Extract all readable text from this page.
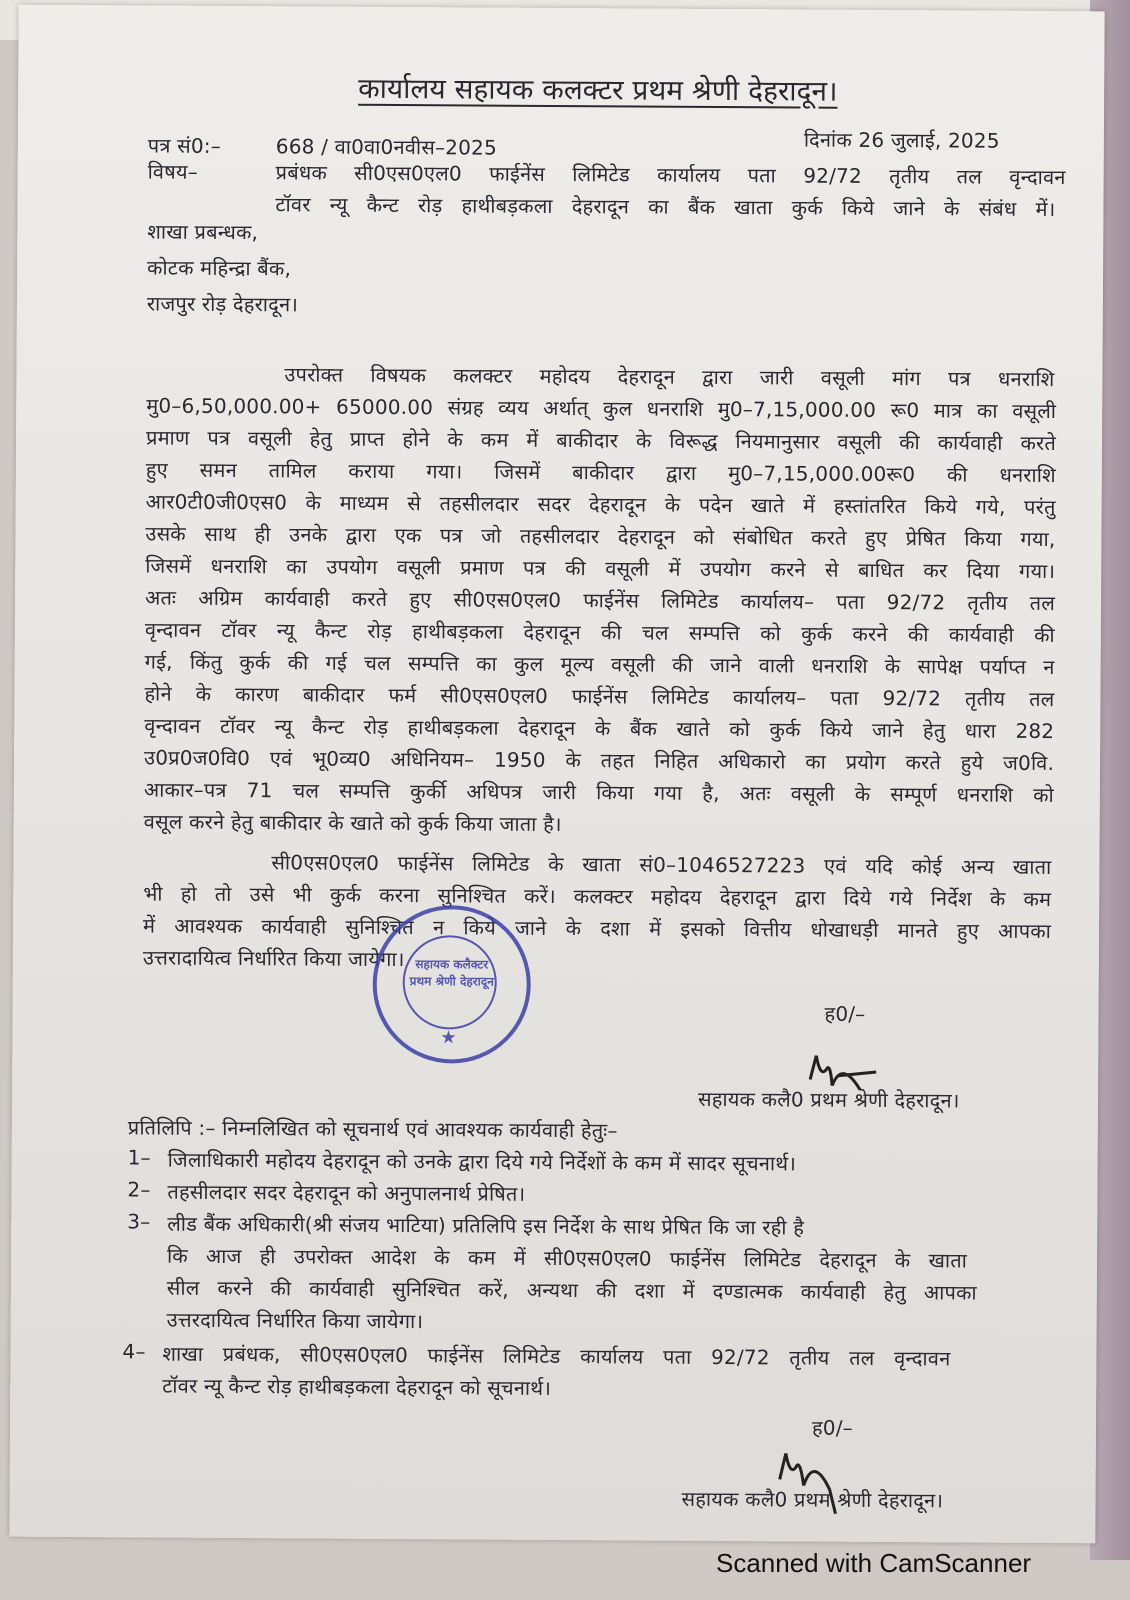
कार्यालय सहायक कलक्टर प्रथम श्रेणी देहरादून।
पत्र सं0:–	668 / वा0वा0नवीस–2025	दिनांक 26 जुलाई, 2025
विषय–	प्रबंधक सी0एस0एल0 फाईनेंस लिमिटेड कार्यालय पता 92/72 तृतीय तल वृन्दावन
टॉवर न्यू कैन्ट रोड़ हाथीबड़कला देहरादून का बैंक खाता कुर्क किये जाने के संबंध में।
शाखा प्रबन्धक,
कोटक महिन्द्रा बैंक,
राजपुर रोड़ देहरादून।
उपरोक्त विषयक कलक्टर महोदय देहरादून द्वारा जारी वसूली मांग पत्र धनराशि
मु0–6,50,000.00+ 65000.00 संग्रह व्यय अर्थात् कुल धनराशि मु0–7,15,000.00 रू0 मात्र का वसूली
प्रमाण पत्र वसूली हेतु प्राप्त होने के कम में बाकीदार के विरूद्ध नियमानुसार वसूली की कार्यवाही करते
हुए समन तामिल कराया गया। जिसमें बाकीदार द्वारा मु0–7,15,000.00रू0 की धनराशि
आर0टी0जी0एस0 के माध्यम से तहसीलदार सदर देहरादून के पदेन खाते में हस्तांतरित किये गये, परंतु
उसके साथ ही उनके द्वारा एक पत्र जो तहसीलदार देहरादून को संबोधित करते हुए प्रेषित किया गया,
जिसमें धनराशि का उपयोग वसूली प्रमाण पत्र की वसूली में उपयोग करने से बाधित कर दिया गया।
अतः अग्रिम कार्यवाही करते हुए सी0एस0एल0 फाईनेंस लिमिटेड कार्यालय– पता 92/72 तृतीय तल
वृन्दावन टॉवर न्यू कैन्ट रोड़ हाथीबड़कला देहरादून की चल सम्पत्ति को कुर्क करने की कार्यवाही की
गई, किंतु कुर्क की गई चल सम्पत्ति का कुल मूल्य वसूली की जाने वाली धनराशि के सापेक्ष पर्याप्त न
होने के कारण बाकीदार फर्म सी0एस0एल0 फाईनेंस लिमिटेड कार्यालय– पता 92/72 तृतीय तल
वृन्दावन टॉवर न्यू कैन्ट रोड़ हाथीबड़कला देहरादून के बैंक खाते को कुर्क किये जाने हेतु धारा 282
उ0प्र0ज0वि0 एवं भू0व्य0 अधिनियम– 1950 के तहत निहित अधिकारो का प्रयोग करते हुये ज0वि.
आकार–पत्र 71 चल सम्पत्ति कुर्की अधिपत्र जारी किया गया है, अतः वसूली के सम्पूर्ण धनराशि को
वसूल करने हेतु बाकीदार के खाते को कुर्क किया जाता है।
सी0एस0एल0 फाईनेंस लिमिटेड के खाता सं0–1046527223 एवं यदि कोई अन्य खाता
भी हो तो उसे भी कुर्क करना सुनिश्चित करें। कलक्टर महोदय देहरादून द्वारा दिये गये निर्देश के कम
में आवश्यक कार्यवाही सुनिश्चित न किये जाने के दशा में इसको वित्तीय धोखाधड़ी मानते हुए आपका
उत्तरादायित्व निर्धारित किया जायेगा। सहायक कलैक्टर प्रथम श्रेणी देहरादून
★
ह0/–
सहायक कलै0 प्रथम श्रेणी देहरादून।
प्रतिलिपि :– निम्नलिखित को सूचनार्थ एवं आवश्यक कार्यवाही हेतुः–
1– जिलाधिकारी महोदय देहरादून को उनके द्वारा दिये गये निर्देशों के कम में सादर सूचनार्थ।
2– तहसीलदार सदर देहरादून को अनुपालनार्थ प्रेषित।
3– लीड बैंक अधिकारी(श्री संजय भाटिया) प्रतिलिपि इस निर्देश के साथ प्रेषित कि जा रही है
कि आज ही उपरोक्त आदेश के कम में सी0एस0एल0 फाईनेंस लिमिटेड देहरादून के खाता
सील करने की कार्यवाही सुनिश्चित करें, अन्यथा की दशा में दण्डात्मक कार्यवाही हेतु आपका
उत्तरदायित्व निर्धारित किया जायेगा।
4– शाखा प्रबंधक, सी0एस0एल0 फाईनेंस लिमिटेड कार्यालय पता 92/72 तृतीय तल वृन्दावन
टॉवर न्यू कैन्ट रोड़ हाथीबड़कला देहरादून को सूचनार्थ।
ह0/–
सहायक कलै0 प्रथम श्रेणी देहरादून।
Scanned with CamScanner
